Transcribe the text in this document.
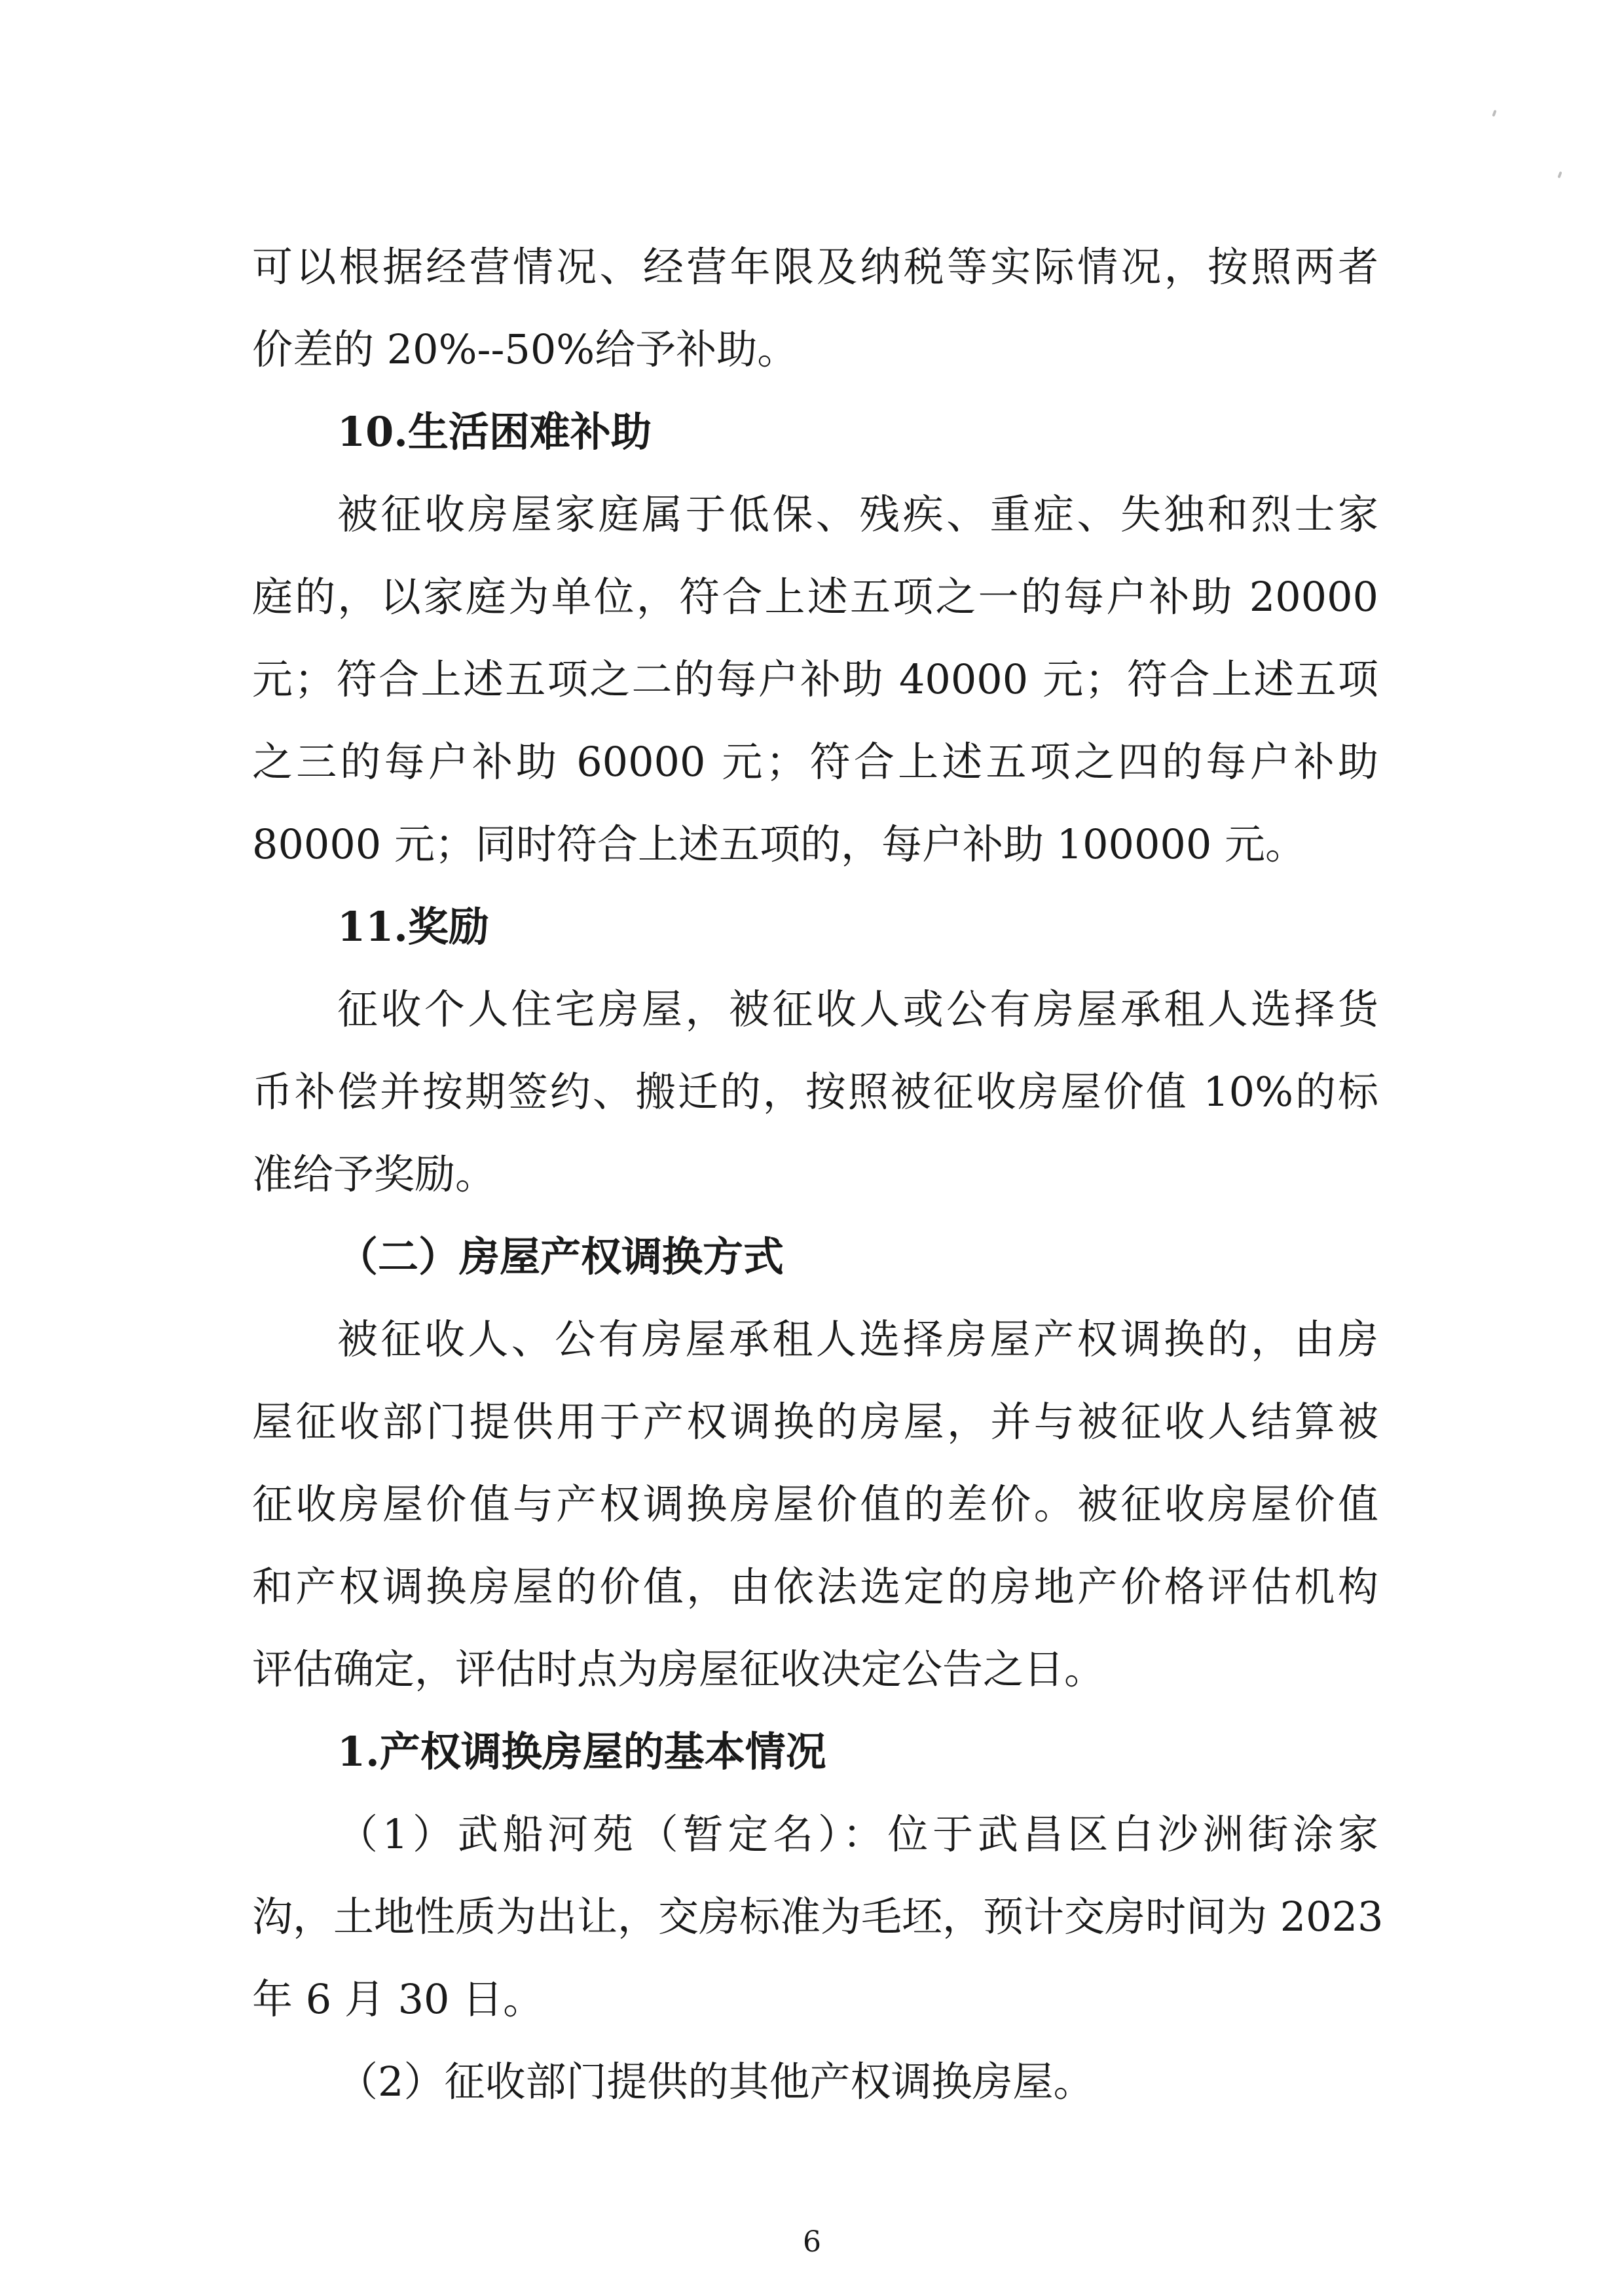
可以根据经营情况、经营年限及纳税等实际情况，按照两者
价差的 20%--50%给予补助。
10.生活困难补助
被征收房屋家庭属于低保、残疾、重症、失独和烈士家
庭的，以家庭为单位，符合上述五项之一的每户补助 20000
元；符合上述五项之二的每户补助 40000 元；符合上述五项
之三的每户补助 60000 元；符合上述五项之四的每户补助
80000 元；同时符合上述五项的，每户补助 100000 元。
11.奖励
征收个人住宅房屋，被征收人或公有房屋承租人选择货
币补偿并按期签约、搬迁的，按照被征收房屋价值 10%的标
准给予奖励。
（二）房屋产权调换方式
被征收人、公有房屋承租人选择房屋产权调换的，由房
屋征收部门提供用于产权调换的房屋，并与被征收人结算被
征收房屋价值与产权调换房屋价值的差价。被征收房屋价值
和产权调换房屋的价值，由依法选定的房地产价格评估机构
评估确定，评估时点为房屋征收决定公告之日。
1.产权调换房屋的基本情况
（1）武船河苑（暂定名）：位于武昌区白沙洲街涂家
沟，土地性质为出让，交房标准为毛坯，预计交房时间为 2023
年 6 月 30 日。
（2）征收部门提供的其他产权调换房屋。
6
